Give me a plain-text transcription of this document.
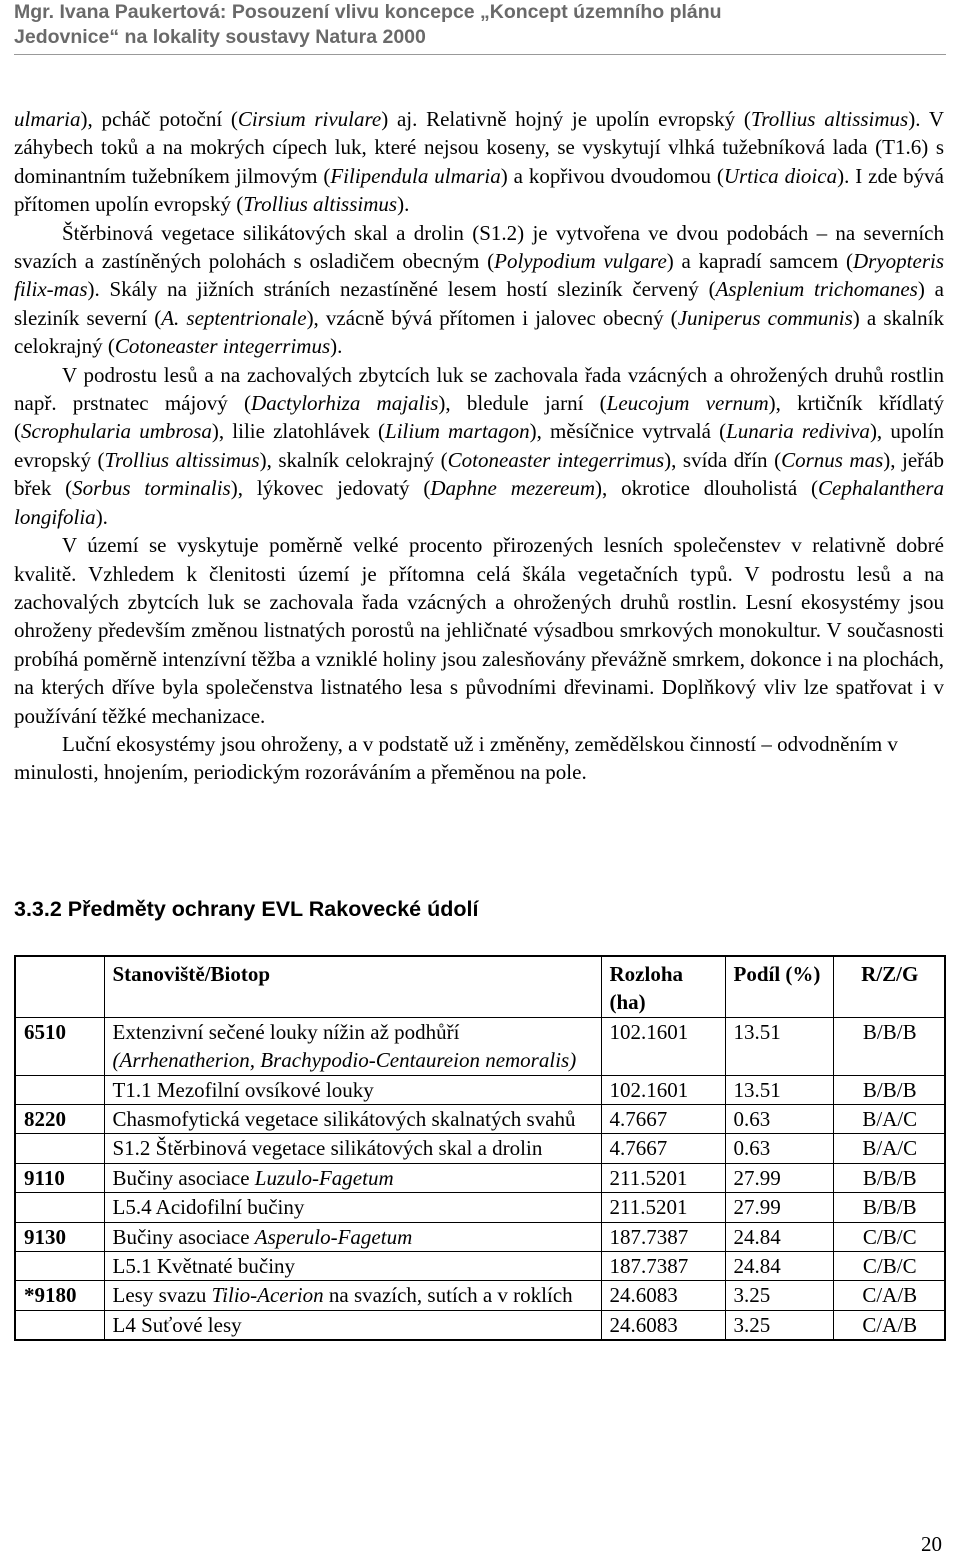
Mgr. Ivana Paukertová: Posouzení vlivu koncepce „Koncept územního plánu
Jedovnice“ na lokality soustavy Natura 2000

ulmaria), pcháč potoční (Cirsium rivulare) aj. Relativně hojný je upolín evropský (Trollius altissimus). V záhybech toků a na mokrých cípech luk, které nejsou koseny, se vyskytují vlhká tužebníková lada (T1.6) s dominantním tužebníkem jilmovým (Filipendula ulmaria) a kopřivou dvoudomou (Urtica dioica). I zde bývá přítomen upolín evropský (Trollius altissimus).

Štěrbinová vegetace silikátových skal a drolin (S1.2) je vytvořena ve dvou podobách – na severních svazích a zastíněných polohách s osladičem obecným (Polypodium vulgare) a kapradí samcem (Dryopteris filix-mas). Skály na jižních stráních nezastíněné lesem hostí sleziník červený (Asplenium trichomanes) a sleziník severní (A. septentrionale), vzácně bývá přítomen i jalovec obecný (Juniperus communis) a skalník celokrajný (Cotoneaster integerrimus).

V podrostu lesů a na zachovalých zbytcích luk se zachovala řada vzácných a ohrožených druhů rostlin např. prstnatec májový (Dactylorhiza majalis), bledule jarní (Leucojum vernum), krtičník křídlatý (Scrophularia umbrosa), lilie zlatohlávek (Lilium martagon), měsíčnice vytrvalá (Lunaria rediviva), upolín evropský (Trollius altissimus), skalník celokrajný (Cotoneaster integerrimus), svída dřín (Cornus mas), jeřáb břek (Sorbus torminalis), lýkovec jedovatý (Daphne mezereum), okrotice dlouholistá (Cephalanthera longifolia).

V území se vyskytuje poměrně velké procento přirozených lesních společenstev v relativně dobré kvalitě. Vzhledem k členitosti území je přítomna celá škála vegetačních typů. V podrostu lesů a na zachovalých zbytcích luk se zachovala řada vzácných a ohrožených druhů rostlin. Lesní ekosystémy jsou ohroženy především změnou listnatých porostů na jehličnaté výsadbou smrkových monokultur. V současnosti probíhá poměrně intenzívní těžba a vzniklé holiny jsou zalesňovány převážně smrkem, dokonce i na plochách, na kterých dříve byla společenstva listnatého lesa s původními dřevinami. Doplňkový vliv lze spatřovat i v používání těžké mechanizace.

Luční ekosystémy jsou ohroženy, a v podstatě už i změněny, zemědělskou činností – odvodněním v minulosti, hnojením, periodickým rozoráváním a přeměnou na pole.

3.3.2 Předměty ochrany EVL Rakovecké údolí
	Stanoviště/Biotop	Rozloha (ha)	Podíl (%)	R/Z/G
6510	Extenzivní sečené louky nížin až podhůří
(Arrhenatherion, Brachypodio-Centaureion nemoralis)	102.1601	13.51	B/B/B
	T1.1 Mezofilní ovsíkové louky	102.1601	13.51	B/B/B
8220	Chasmofytická vegetace silikátových skalnatých svahů	4.7667	0.63	B/A/C
	S1.2 Štěrbinová vegetace silikátových skal a drolin	4.7667	0.63	B/A/C
9110	Bučiny asociace Luzulo-Fagetum	211.5201	27.99	B/B/B
	L5.4 Acidofilní bučiny	211.5201	27.99	B/B/B
9130	Bučiny asociace Asperulo-Fagetum	187.7387	24.84	C/B/C
	L5.1 Květnaté bučiny	187.7387	24.84	C/B/C
*9180	Lesy svazu Tilio-Acerion na svazích, sutích a v roklích	24.6083	3.25	C/A/B
	L4 Suťové lesy	24.6083	3.25	C/A/B
20
